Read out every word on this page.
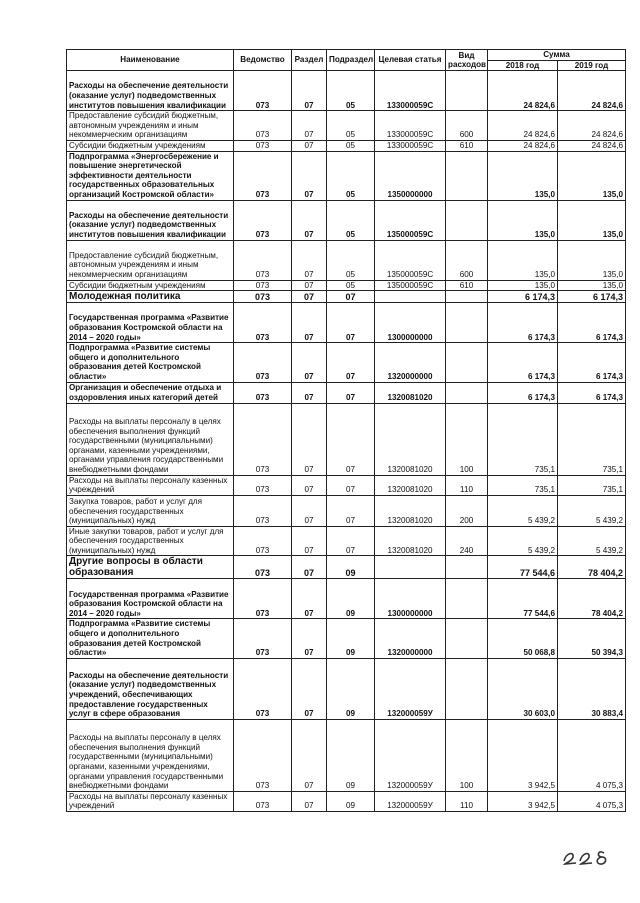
Наименование	Ведомство	Раздел	Подраздел	Целевая статья	Вид расходов	Сумма	
						2018 год	2019 год
Расходы на обеспечение деятельности (оказание услуг) подведомственных институтов повышения квалификации	073	07	05	133000059С		24 824,6	24 824,6
Предоставление субсидий бюджетным, автономным учреждениям и иным некоммерческим организациям	073	07	05	133000059С	600	24 824,6	24 824,6
Субсидии бюджетным учреждениям	073	07	05	133000059С	610	24 824,6	24 824,6
Подпрограмма «Энергосбережение и повышение энергетической эффективности деятельности государственных образовательных организаций Костромской области»	073	07	05	1350000000		135,0	135,0
Расходы на обеспечение деятельности (оказание услуг) подведомственных институтов повышения квалификации	073	07	05	135000059С		135,0	135,0
Предоставление субсидий бюджетным, автономным учреждениям и иным некоммерческим организациям	073	07	05	135000059С	600	135,0	135,0
Субсидии бюджетным учреждениям	073	07	05	135000059С	610	135,0	135,0
Молодежная политика	073	07	07			6 174,3	6 174,3
Государственная программа «Развитие образования Костромской области на 2014 – 2020 годы»	073	07	07	1300000000		6 174,3	6 174,3
Подпрограмма «Развитие системы общего и дополнительного образования детей Костромской области»	073	07	07	1320000000		6 174,3	6 174,3
Организация и обеспечение отдыха и оздоровления иных категорий детей	073	07	07	1320081020		6 174,3	6 174,3
Расходы на выплаты персоналу в целях обеспечения выполнения функций государственными (муниципальными) органами, казенными учреждениями, органами управления государственными внебюджетными фондами	073	07	07	1320081020	100	735,1	735,1
Расходы на выплаты персоналу казенных учреждений	073	07	07	1320081020	110	735,1	735,1
Закупка товаров, работ и услуг для обеспечения государственных (муниципальных) нужд	073	07	07	1320081020	200	5 439,2	5 439,2
Иные закупки товаров, работ и услуг для обеспечения государственных (муниципальных) нужд	073	07	07	1320081020	240	5 439,2	5 439,2
Другие вопросы в области образования	073	07	09			77 544,6	78 404,2
Государственная программа «Развитие образования Костромской области на 2014 – 2020 годы»	073	07	09	1300000000		77 544,6	78 404,2
Подпрограмма «Развитие системы общего и дополнительного образования детей Костромской области»	073	07	09	1320000000		50 068,8	50 394,3
Расходы на обеспечение деятельности (оказание услуг) подведомственных учреждений, обеспечивающих предоставление государственных услуг в сфере образования	073	07	09	132000059У		30 603,0	30 883,4
Расходы на выплаты персоналу в целях обеспечения выполнения функций государственными (муниципальными) органами, казенными учреждениями, органами управления государственными внебюджетными фондами	073	07	09	132000059У	100	3 942,5	4 075,3
Расходы на выплаты персоналу казенных учреждений	073	07	09	132000059У	110	3 942,5	4 075,3
